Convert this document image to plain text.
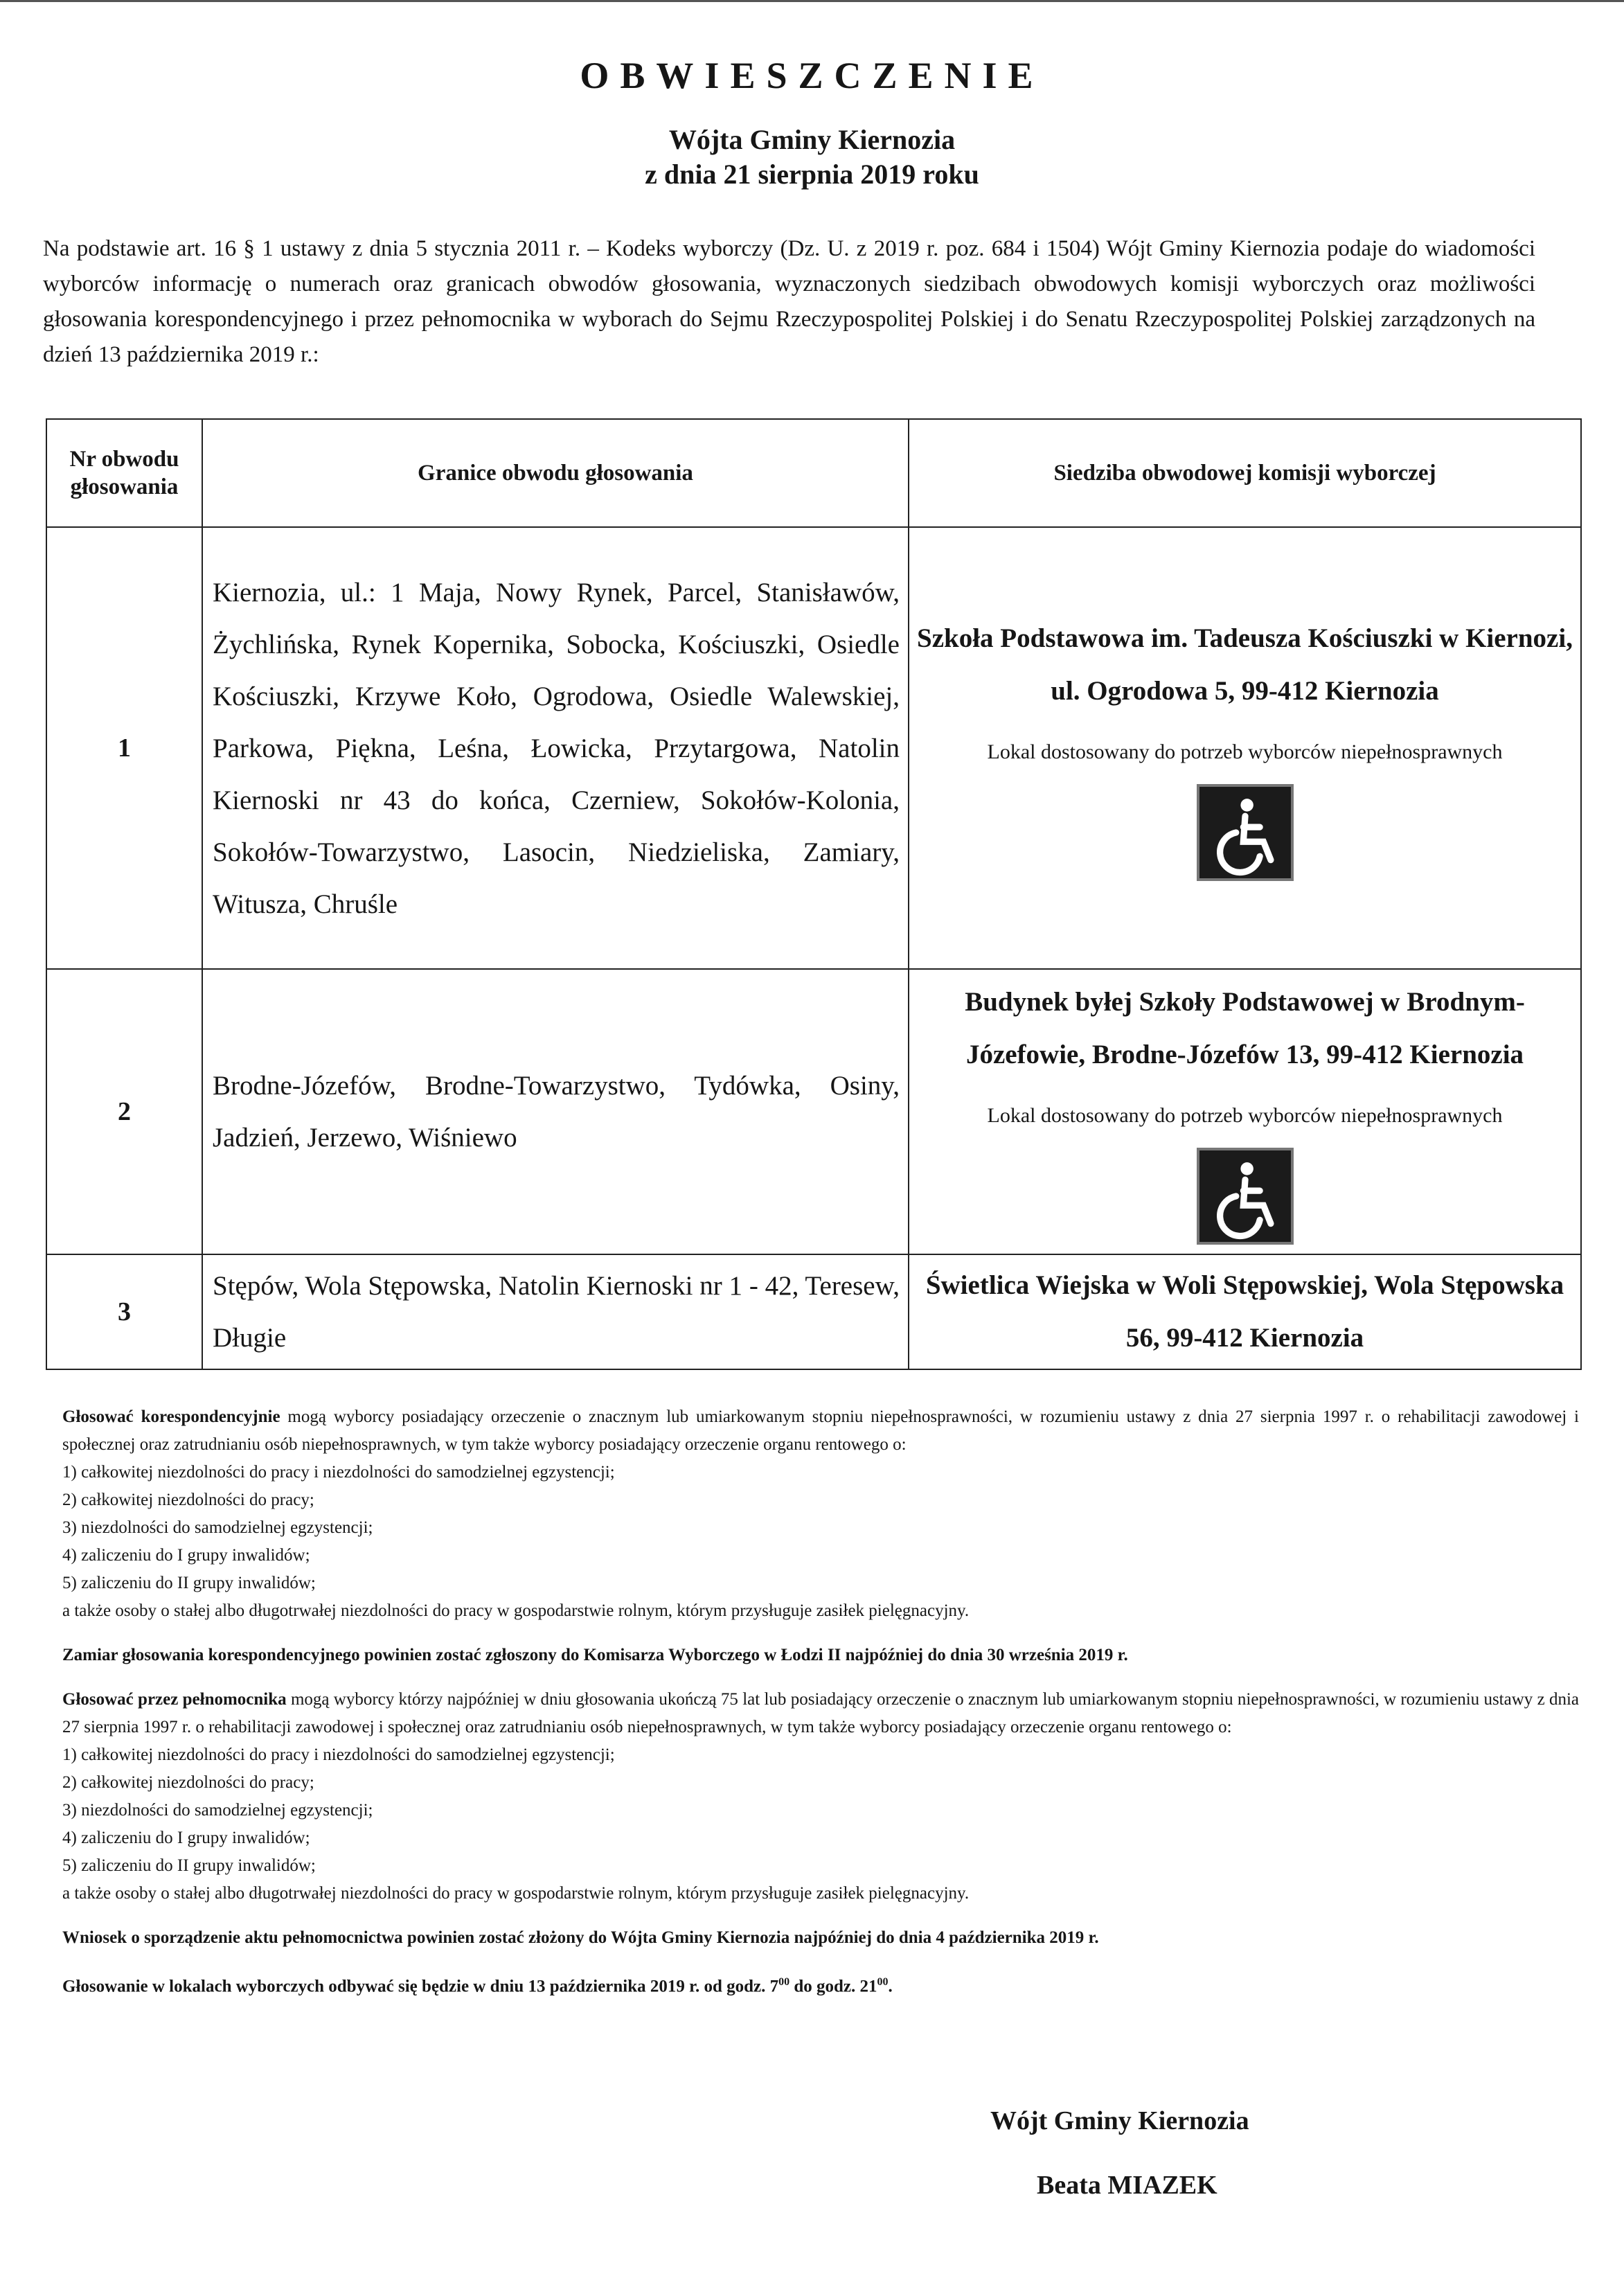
OBWIESZCZENIE
Wójta Gminy Kiernozia
z dnia 21 sierpnia 2019 roku
Na podstawie art. 16 § 1 ustawy z dnia 5 stycznia 2011 r. – Kodeks wyborczy (Dz. U. z 2019 r. poz. 684 i 1504) Wójt Gminy Kiernozia podaje do wiadomości wyborców informację o numerach oraz granicach obwodów głosowania, wyznaczonych siedzibach obwodowych komisji wyborczych oraz możliwości głosowania korespondencyjnego i przez pełnomocnika w wyborach do Sejmu Rzeczypospolitej Polskiej i do Senatu Rzeczypospolitej Polskiej zarządzonych na dzień 13 października 2019 r.:
Nr obwodu głosowania	Granice obwodu głosowania	Siedziba obwodowej komisji wyborczej
1	Kiernozia, ul.: 1 Maja, Nowy Rynek, Parcel, Stanisławów, Żychlińska, Rynek Kopernika, Sobocka, Kościuszki, Osiedle Kościuszki, Krzywe Koło, Ogrodowa, Osiedle Walewskiej, Parkowa, Piękna, Leśna, Łowicka, Przytargowa, Natolin Kiernoski nr 43 do końca, Czerniew, Sokołów-Kolonia, Sokołów-Towarzystwo, Lasocin, Niedzieliska, Zamiary, Witusza, Chruśle	Szkoła Podstawowa im. Tadeusza Kościuszki w Kiernozi, ul. Ogrodowa 5, 99-412 Kiernozia
Lokal dostosowany do potrzeb wyborców niepełnosprawnych

2	Brodne-Józefów, Brodne-Towarzystwo, Tydówka, Osiny, Jadzień, Jerzewo, Wiśniewo	Budynek byłej Szkoły Podstawowej w Brodnym-Józefowie, Brodne-Józefów 13, 99-412 Kiernozia
Lokal dostosowany do potrzeb wyborców niepełnosprawnych

3	Stępów, Wola Stępowska, Natolin Kiernoski nr 1 - 42, Teresew, Długie	Świetlica Wiejska w Woli Stępowskiej, Wola Stępowska 56, 99-412 Kiernozia

Głosować korespondencyjnie mogą wyborcy posiadający orzeczenie o znacznym lub umiarkowanym stopniu niepełnosprawności, w rozumieniu ustawy z dnia 27 sierpnia 1997 r. o rehabilitacji zawodowej i społecznej oraz zatrudnianiu osób niepełnosprawnych, w tym także wyborcy posiadający orzeczenie organu rentowego o:

1) całkowitej niezdolności do pracy i niezdolności do samodzielnej egzystencji;

2) całkowitej niezdolności do pracy;

3) niezdolności do samodzielnej egzystencji;

4) zaliczeniu do I grupy inwalidów;

5) zaliczeniu do II grupy inwalidów;

a także osoby o stałej albo długotrwałej niezdolności do pracy w gospodarstwie rolnym, którym przysługuje zasiłek pielęgnacyjny.

Zamiar głosowania korespondencyjnego powinien zostać zgłoszony do Komisarza Wyborczego w Łodzi II najpóźniej do dnia 30 września 2019 r.

Głosować przez pełnomocnika mogą wyborcy którzy najpóźniej w dniu głosowania ukończą 75 lat lub posiadający orzeczenie o znacznym lub umiarkowanym stopniu niepełnosprawności, w rozumieniu ustawy z dnia 27 sierpnia 1997 r. o rehabilitacji zawodowej i społecznej oraz zatrudnianiu osób niepełnosprawnych, w tym także wyborcy posiadający orzeczenie organu rentowego o:

1) całkowitej niezdolności do pracy i niezdolności do samodzielnej egzystencji;

2) całkowitej niezdolności do pracy;

3) niezdolności do samodzielnej egzystencji;

4) zaliczeniu do I grupy inwalidów;

5) zaliczeniu do II grupy inwalidów;

a także osoby o stałej albo długotrwałej niezdolności do pracy w gospodarstwie rolnym, którym przysługuje zasiłek pielęgnacyjny.

Wniosek o sporządzenie aktu pełnomocnictwa powinien zostać złożony do Wójta Gminy Kiernozia najpóźniej do dnia 4 października 2019 r.

Głosowanie w lokalach wyborczych odbywać się będzie w dniu 13 października 2019 r. od godz. $7^{00}$ do godz. $21^{00}$.

Wójt Gminy Kiernozia
Beata MIAZEK
